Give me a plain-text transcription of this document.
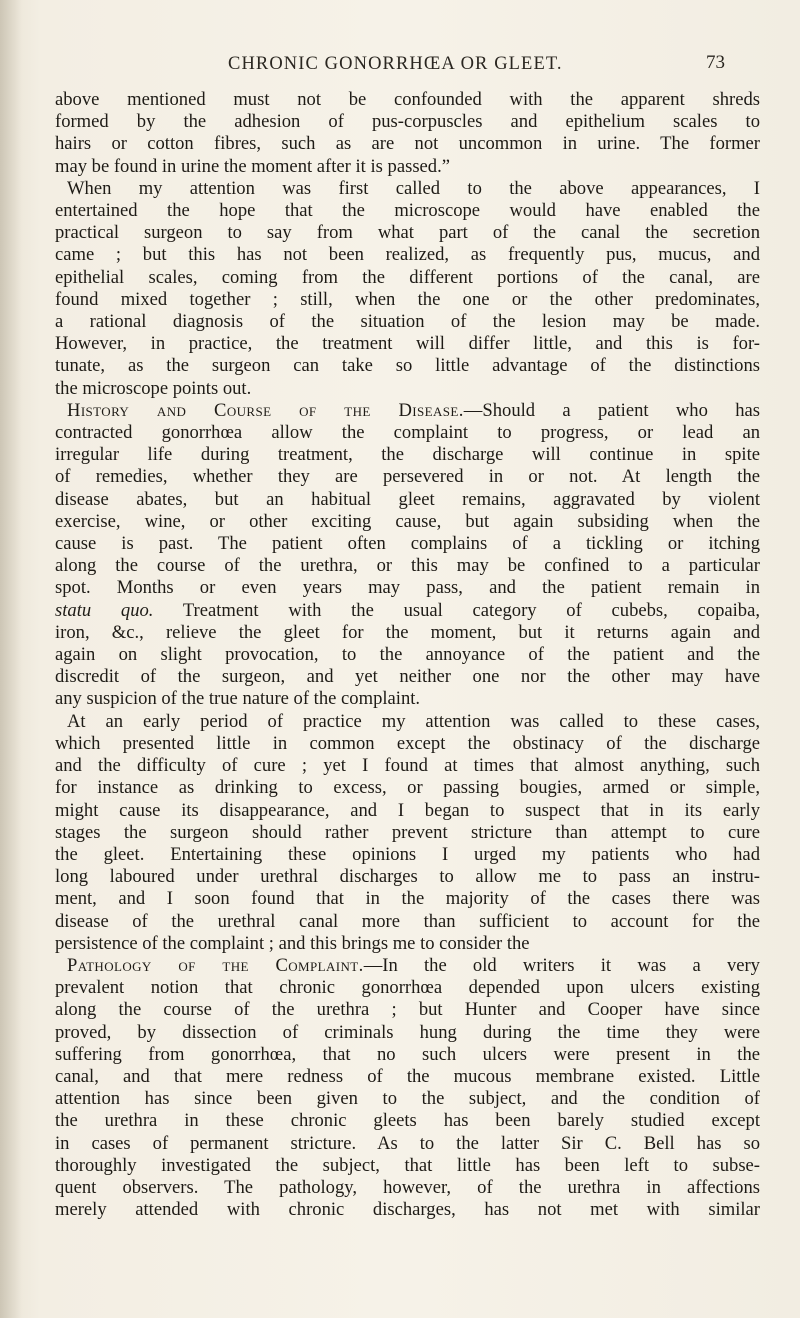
CHRONIC GONORRHŒA OR GLEET.	73
above mentioned must not be confounded with the apparent shreds
formed by the adhesion of pus-corpuscles and epithelium scales to
hairs or cotton fibres, such as are not uncommon in urine. The former
may be found in urine the moment after it is passed.”
When my attention was first called to the above appearances, I
entertained the hope that the microscope would have enabled the
practical surgeon to say from what part of the canal the secretion
came ; but this has not been realized, as frequently pus, mucus, and
epithelial scales, coming from the different portions of the canal, are
found mixed together ; still, when the one or the other predominates,
a rational diagnosis of the situation of the lesion may be made.
However, in practice, the treatment will differ little, and this is for-
tunate, as the surgeon can take so little advantage of the distinctions
the microscope points out.
History and Course of the Disease.—Should a patient who has
contracted gonorrhœa allow the complaint to progress, or lead an
irregular life during treatment, the discharge will continue in spite
of remedies, whether they are persevered in or not. At length the
disease abates, but an habitual gleet remains, aggravated by violent
exercise, wine, or other exciting cause, but again subsiding when the
cause is past. The patient often complains of a tickling or itching
along the course of the urethra, or this may be confined to a particular
spot. Months or even years may pass, and the patient remain in
statu quo. Treatment with the usual category of cubebs, copaiba,
iron, &c., relieve the gleet for the moment, but it returns again and
again on slight provocation, to the annoyance of the patient and the
discredit of the surgeon, and yet neither one nor the other may have
any suspicion of the true nature of the complaint.
At an early period of practice my attention was called to these cases,
which presented little in common except the obstinacy of the discharge
and the difficulty of cure ; yet I found at times that almost anything, such
for instance as drinking to excess, or passing bougies, armed or simple,
might cause its disappearance, and I began to suspect that in its early
stages the surgeon should rather prevent stricture than attempt to cure
the gleet. Entertaining these opinions I urged my patients who had
long laboured under urethral discharges to allow me to pass an instru-
ment, and I soon found that in the majority of the cases there was
disease of the urethral canal more than sufficient to account for the
persistence of the complaint ; and this brings me to consider the
Pathology of the Complaint.—In the old writers it was a very
prevalent notion that chronic gonorrhœa depended upon ulcers existing
along the course of the urethra ; but Hunter and Cooper have since
proved, by dissection of criminals hung during the time they were
suffering from gonorrhœa, that no such ulcers were present in the
canal, and that mere redness of the mucous membrane existed. Little
attention has since been given to the subject, and the condition of
the urethra in these chronic gleets has been barely studied except
in cases of permanent stricture. As to the latter Sir C. Bell has so
thoroughly investigated the subject, that little has been left to subse-
quent observers. The pathology, however, of the urethra in affections
merely attended with chronic discharges, has not met with similar
